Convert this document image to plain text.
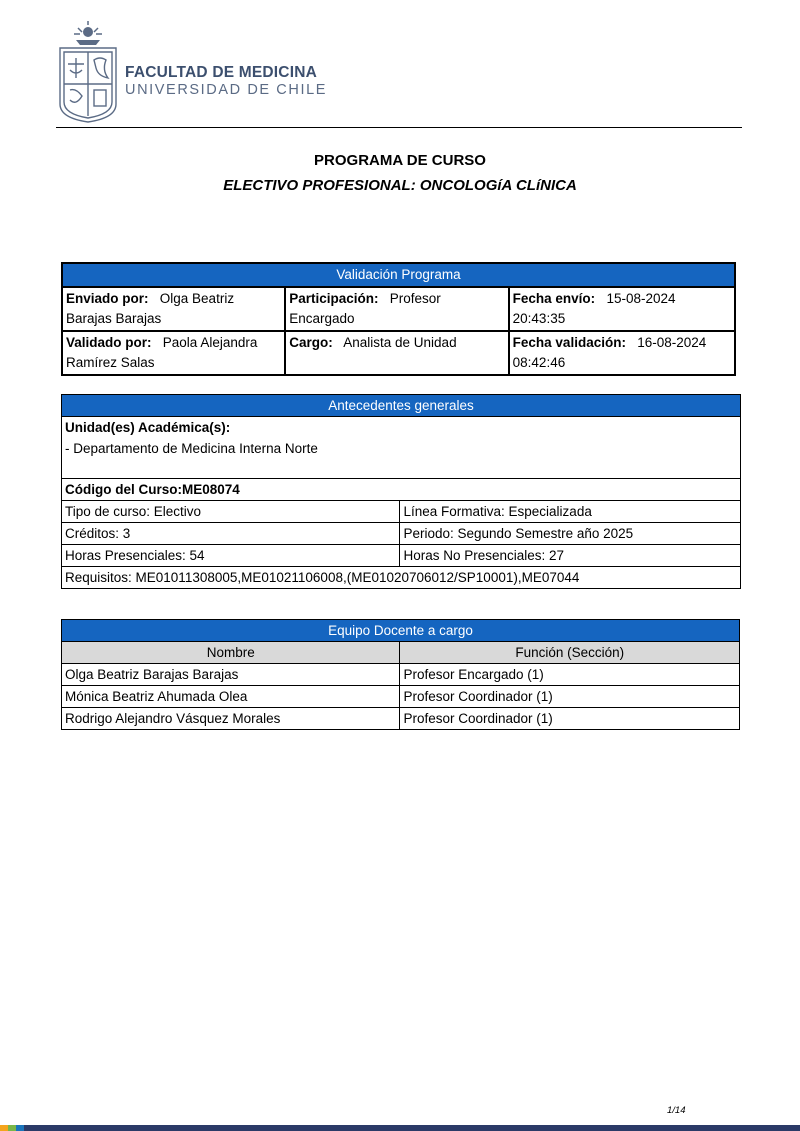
FACULTAD DE MEDICINA
UNIVERSIDAD DE CHILE
PROGRAMA DE CURSO
ELECTIVO PROFESIONAL: ONCOLOGíA CLíNICA
Validación Programa		
Enviado por: Olga Beatriz Barajas Barajas	Participación: Profesor Encargado	Fecha envío: 15-08-2024 20:43:35
Validado por: Paola Alejandra Ramírez Salas	Cargo: Analista de Unidad	Fecha validación: 16-08-2024 08:42:46
Antecedentes generales	

Unidad(es) Académica(s):
- Departamento de Medicina Interna Norte	

Código del Curso:ME08074	
Tipo de curso: Electivo	Línea Formativa: Especializada
Créditos: 3	Periodo: Segundo Semestre año 2025
Horas Presenciales: 54	Horas No Presenciales: 27
Requisitos: ME01011308005,ME01021106008,(ME01020706012/SP10001),ME07044	
Equipo Docente a cargo	
Nombre	Función (Sección)
Olga Beatriz Barajas Barajas	Profesor Encargado (1)
Mónica Beatriz Ahumada Olea	Profesor Coordinador (1)
Rodrigo Alejandro Vásquez Morales	Profesor Coordinador (1)
1/14
